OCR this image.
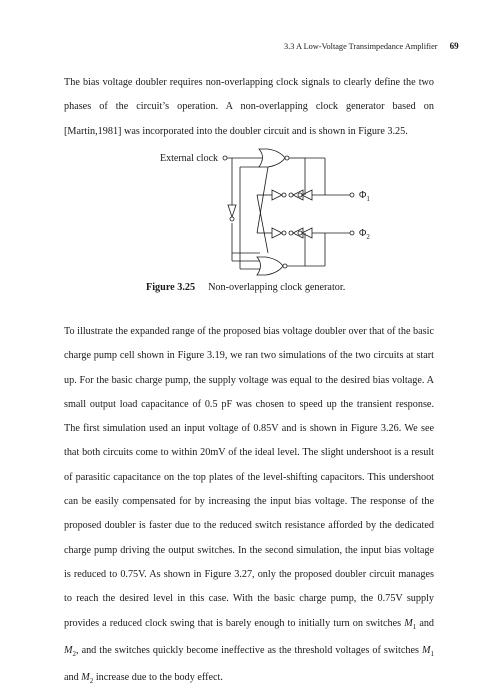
3.3 A Low-Voltage Transimpedance Amplifier 69

The bias voltage doubler requires non-overlapping clock signals to clearly define the two phases of the circuit’s operation. A non-overlapping clock generator based on [Martin,1981] was incorporated into the doubler circuit and is shown in Figure 3.25.

External clock
$\Phi_1$
$\Phi_2$
Figure 3.25 Non-overlapping clock generator.

To illustrate the expanded range of the proposed bias voltage doubler over that of the basic charge pump cell shown in Figure 3.19, we ran two simulations of the two circuits at start up. For the basic charge pump, the supply voltage was equal to the desired bias voltage. A small output load capacitance of 0.5 pF was chosen to speed up the transient response. The first simulation used an input voltage of 0.85V and is shown in Figure 3.26. We see that both circuits come to within 20mV of the ideal level. The slight undershoot is a result of parasitic capacitance on the top plates of the level-shifting capacitors. This undershoot can be easily compensated for by increasing the input bias voltage. The response of the proposed doubler is faster due to the reduced switch resistance afforded by the dedicated charge pump driving the output switches. In the second simulation, the input bias voltage is reduced to 0.75V. As shown in Figure 3.27, only the proposed doubler circuit manages to reach the desired level in this case. With the basic charge pump, the 0.75V supply provides a reduced clock swing that is barely enough to initially turn on switches $M_1$ and $M_2$, and the switches quickly become ineffective as the threshold voltages of switches $M_1$ and $M_2$ increase due to the body effect.
